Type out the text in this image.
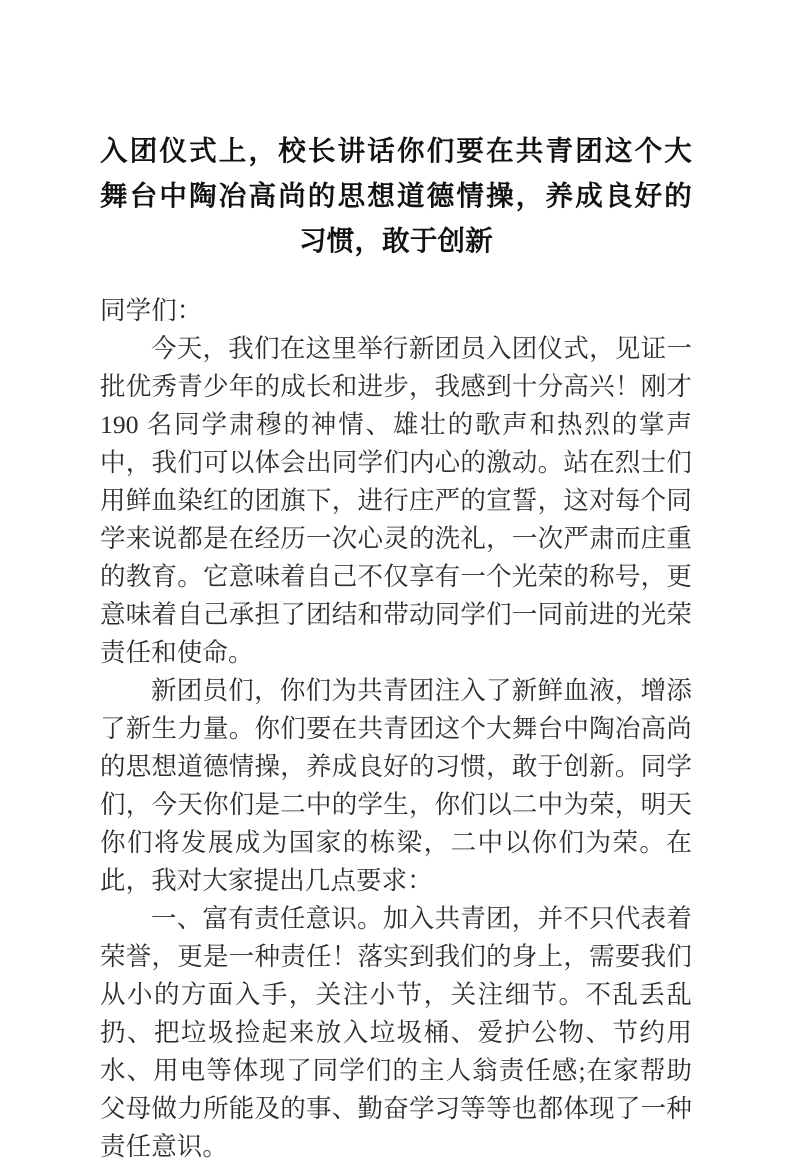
入团仪式上，校长讲话你们要在共青团这个大
舞台中陶冶高尚的思想道德情操，养成良好的
习惯，敢于创新

同学们：

今天，我们在这里举行新团员入团仪式，见证一批优秀青少年的成长和进步，我感到十分高兴！刚才 190 名同学肃穆的神情、雄壮的歌声和热烈的掌声中，我们可以体会出同学们内心的激动。站在烈士们用鲜血染红的团旗下，进行庄严的宣誓，这对每个同学来说都是在经历一次心灵的洗礼，一次严肃而庄重的教育。它意味着自己不仅享有一个光荣的称号，更意味着自己承担了团结和带动同学们一同前进的光荣责任和使命。

新团员们，你们为共青团注入了新鲜血液，增添了新生力量。你们要在共青团这个大舞台中陶冶高尚的思想道德情操，养成良好的习惯，敢于创新。同学们，今天你们是二中的学生，你们以二中为荣，明天你们将发展成为国家的栋梁，二中以你们为荣。在此，我对大家提出几点要求：

一、富有责任意识。加入共青团，并不只代表着荣誉，更是一种责任！落实到我们的身上，需要我们从小的方面入手，关注小节，关注细节。不乱丢乱扔、把垃圾捡起来放入垃圾桶、爱护公物、节约用水、用电等体现了同学们的主人翁责任感;在家帮助父母做力所能及的事、勤奋学习等等也都体现了一种责任意识。
